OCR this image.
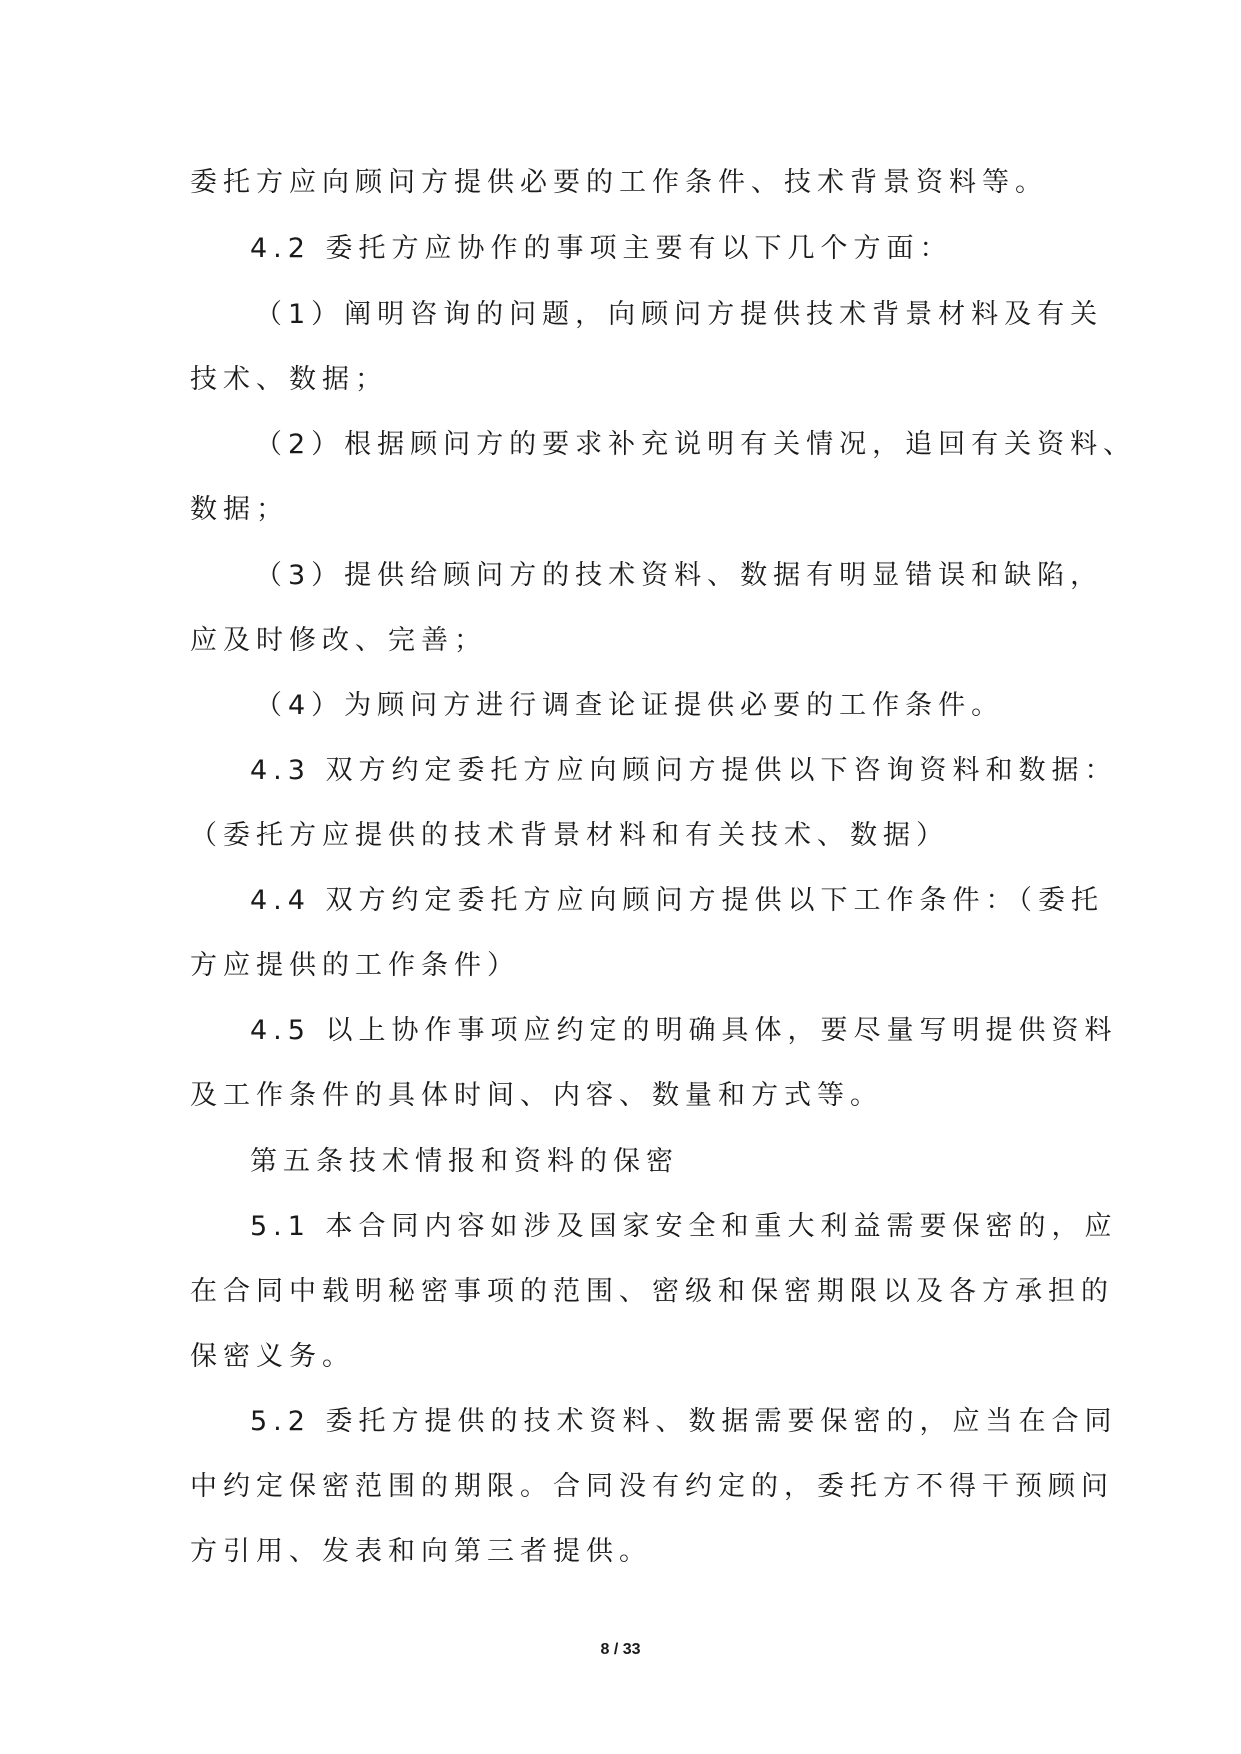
委托方应向顾问方提供必要的工作条件、技术背景资料等。
4.2 委托方应协作的事项主要有以下几个方面：
（1）阐明咨询的问题，向顾问方提供技术背景材料及有关
技术、数据；
（2）根据顾问方的要求补充说明有关情况，追回有关资料、
数据；
（3）提供给顾问方的技术资料、数据有明显错误和缺陷，
应及时修改、完善；
（4）为顾问方进行调查论证提供必要的工作条件。
4.3 双方约定委托方应向顾问方提供以下咨询资料和数据：
（委托方应提供的技术背景材料和有关技术、数据）
4.4 双方约定委托方应向顾问方提供以下工作条件：（委托
方应提供的工作条件）
4.5 以上协作事项应约定的明确具体，要尽量写明提供资料
及工作条件的具体时间、内容、数量和方式等。
第五条技术情报和资料的保密
5.1 本合同内容如涉及国家安全和重大利益需要保密的，应
在合同中载明秘密事项的范围、密级和保密期限以及各方承担的
保密义务。
5.2 委托方提供的技术资料、数据需要保密的，应当在合同
中约定保密范围的期限。合同没有约定的，委托方不得干预顾问
方引用、发表和向第三者提供。
8 / 33
